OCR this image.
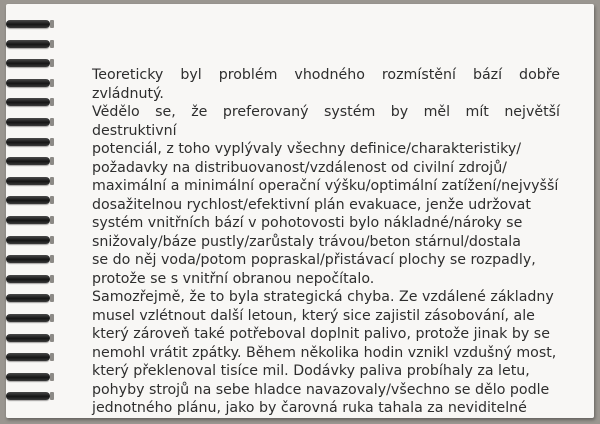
Teoreticky byl problém vhodného rozmístění bází dobře zvládnutý.
Vědělo se, že preferovaný systém by měl mít největší destruktivní
potenciál, z toho vyplývaly všechny definice/charakteristiky/
požadavky na distribuovanost/vzdálenost od civilní zdrojů/
maximální a minimální operační výšku/optimální zatížení/nejvyšší
dosažitelnou rychlost/efektivní plán evakuace, jenže udržovat
systém vnitřních bází v pohotovosti bylo nákladné/nároky se
snižovaly/báze pustly/zarůstaly trávou/beton stárnul/dostala
se do něj voda/potom popraskal/přistávací plochy se rozpadly,
protože se s vnitřní obranou nepočítalo.

Samozřejmě, že to byla strategická chyba. Ze vzdálené základny
musel vzlétnout další letoun, který sice zajistil zásobování, ale
který zároveň také potřeboval doplnit palivo, protože jinak by se
nemohl vrátit zpátky. Během několika hodin vznikl vzdušný most,
který překlenoval tisíce mil. Dodávky paliva probíhaly za letu,
pohyby strojů na sebe hladce navazovaly/všechno se dělo podle
jednotného plánu, jako by čarovná ruka tahala za neviditelné
